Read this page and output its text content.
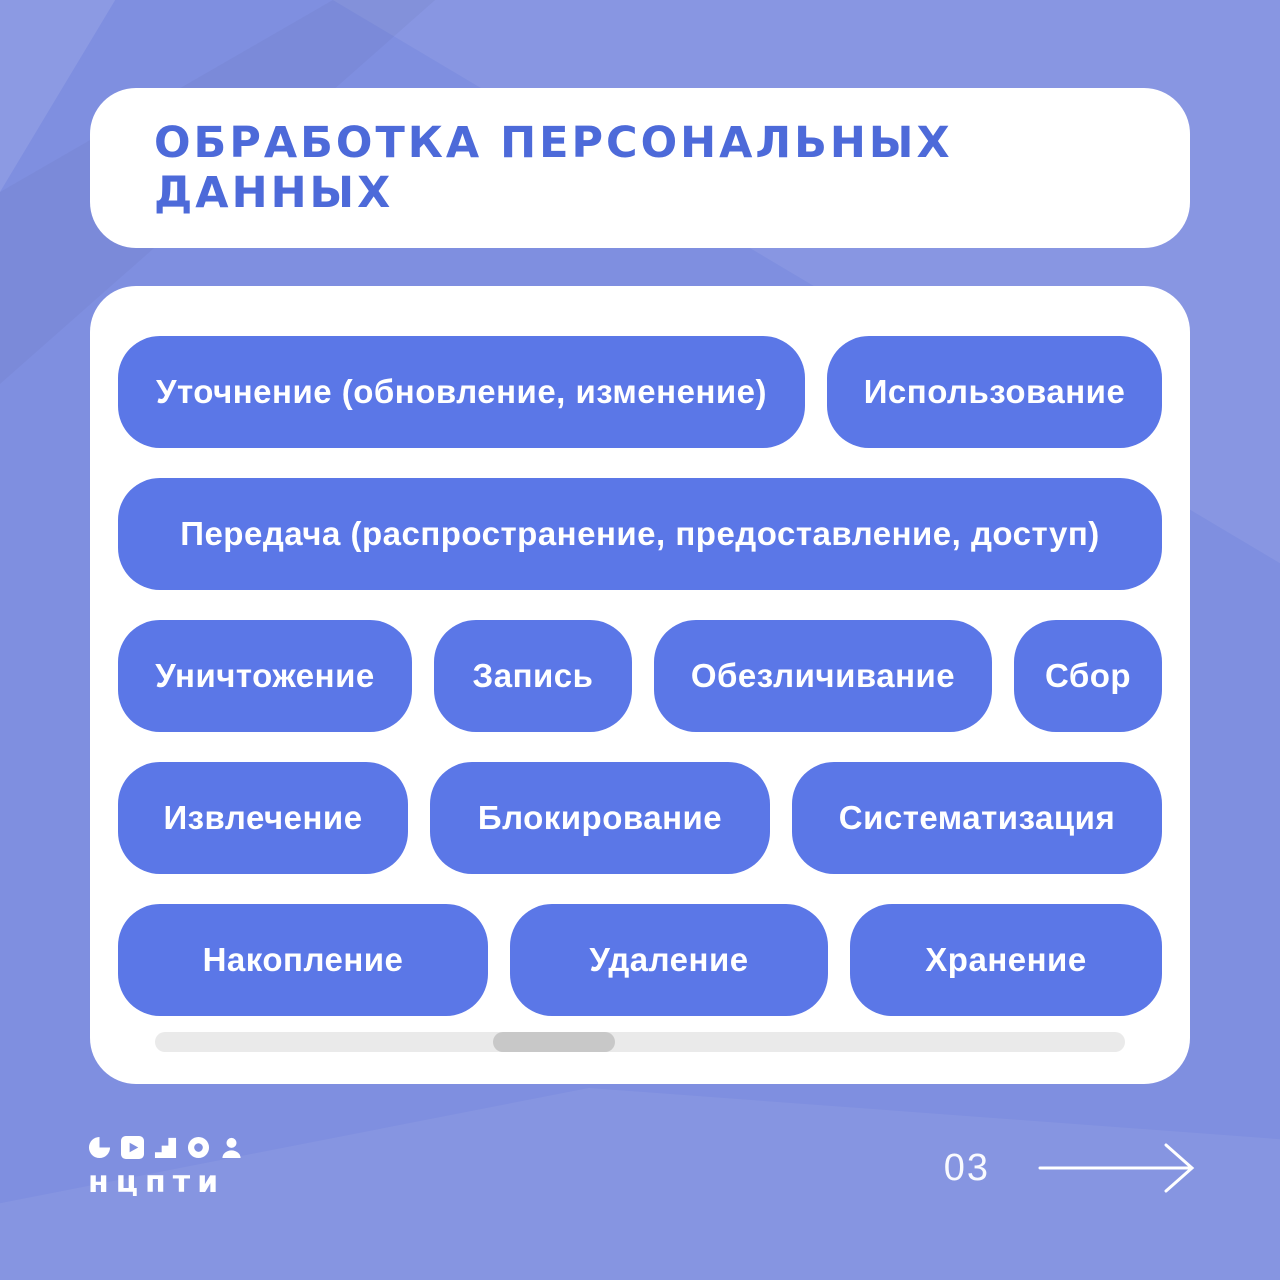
ОБРАБОТКА ПЕРСОНАЛЬНЫХ ДАННЫХ
Уточнение (обновление, изменение)	Использование
Передача (распространение, предоставление, доступ)
Уничтожение	Запись	Обезличивание	Сбор
Извлечение	Блокирование	Систематизация
Накопление	Удаление	Хранение
нцпти	03
